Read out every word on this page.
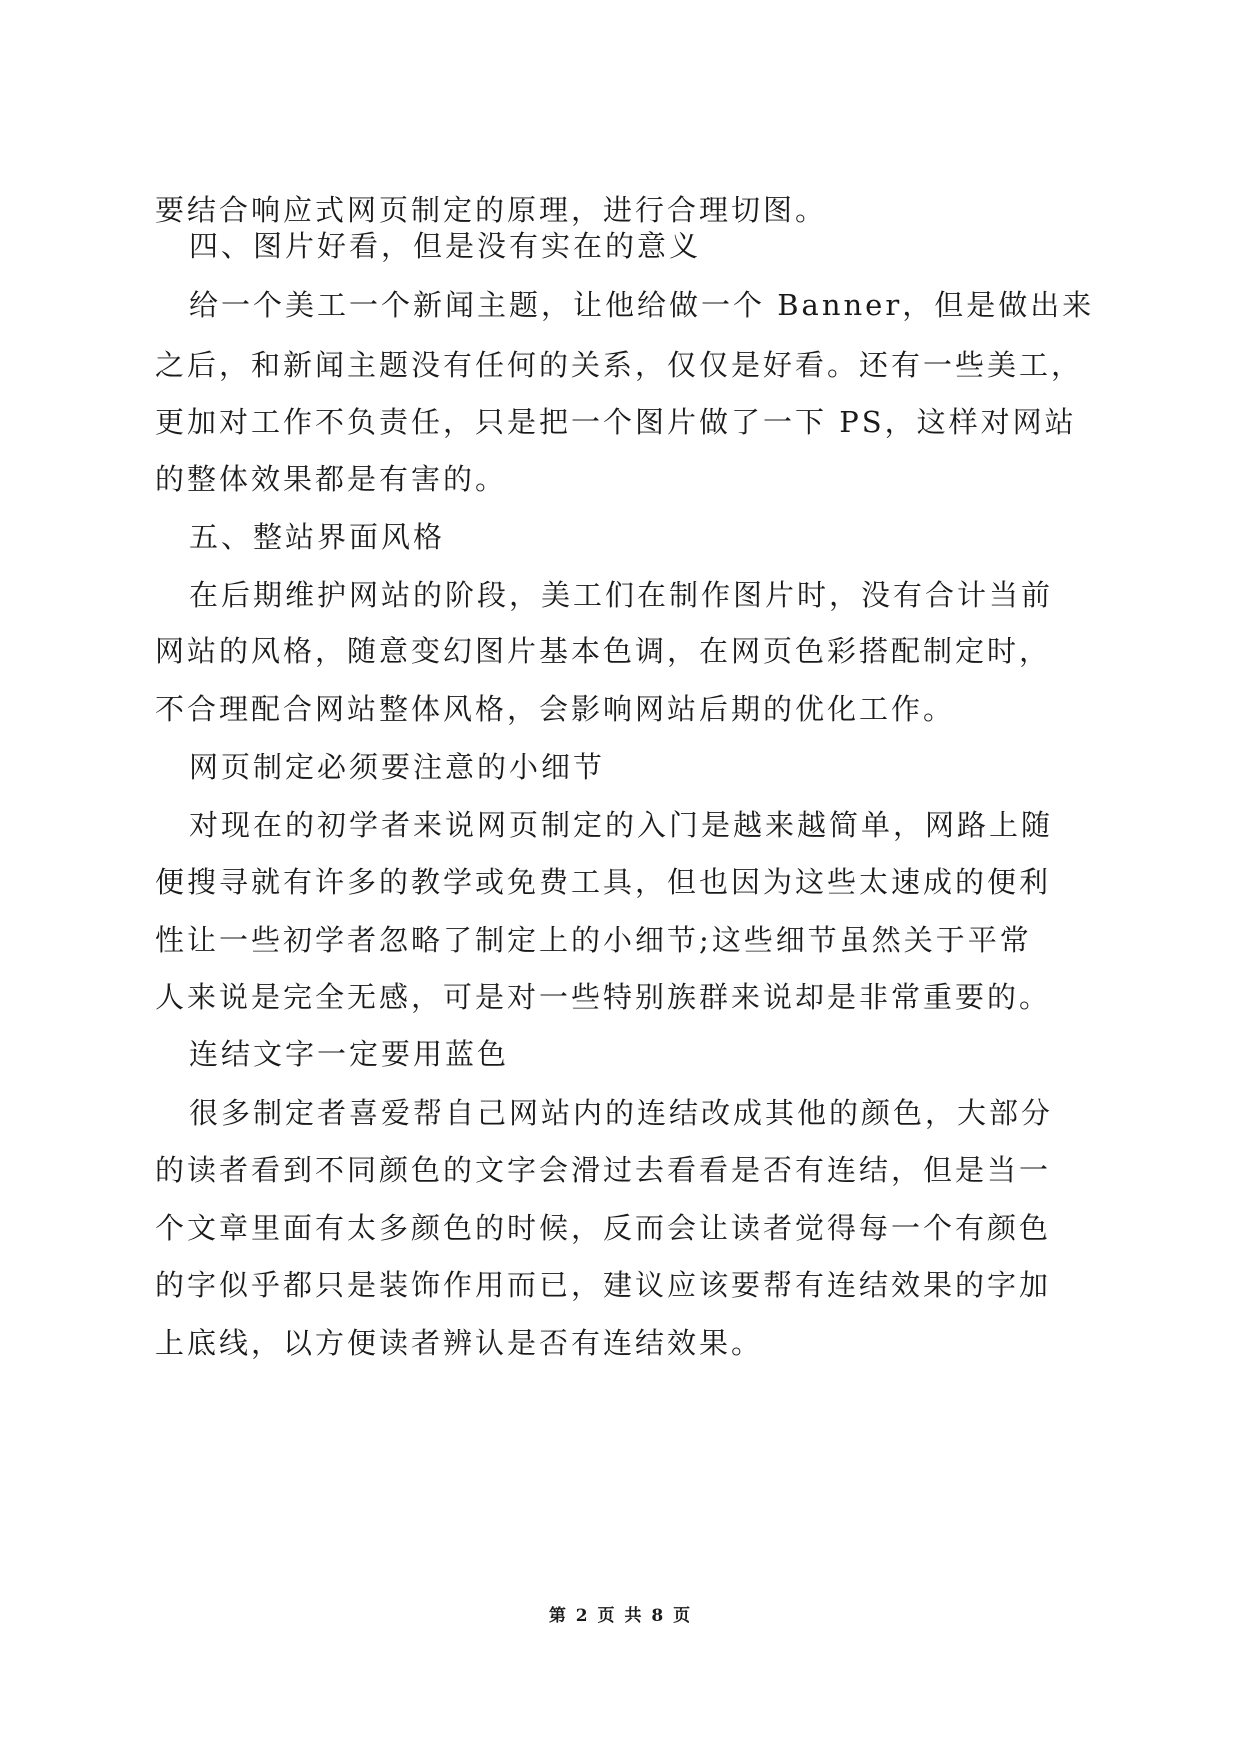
要结合响应式网页制定的原理，进行合理切图。
四、图片好看，但是没有实在的意义
给一个美工一个新闻主题，让他给做一个 Banner，但是做出来
之后，和新闻主题没有任何的关系，仅仅是好看。还有一些美工，
更加对工作不负责任，只是把一个图片做了一下 PS，这样对网站
的整体效果都是有害的。
五、整站界面风格
在后期维护网站的阶段，美工们在制作图片时，没有合计当前
网站的风格，随意变幻图片基本色调，在网页色彩搭配制定时，
不合理配合网站整体风格，会影响网站后期的优化工作。
网页制定必须要注意的小细节
对现在的初学者来说网页制定的入门是越来越简单，网路上随
便搜寻就有许多的教学或免费工具，但也因为这些太速成的便利
性让一些初学者忽略了制定上的小细节;这些细节虽然关于平常
人来说是完全无感，可是对一些特别族群来说却是非常重要的。
连结文字一定要用蓝色
很多制定者喜爱帮自己网站内的连结改成其他的颜色，大部分
的读者看到不同颜色的文字会滑过去看看是否有连结，但是当一
个文章里面有太多颜色的时候，反而会让读者觉得每一个有颜色
的字似乎都只是装饰作用而已，建议应该要帮有连结效果的字加
上底线，以方便读者辨认是否有连结效果。
第 2 页 共 8 页
